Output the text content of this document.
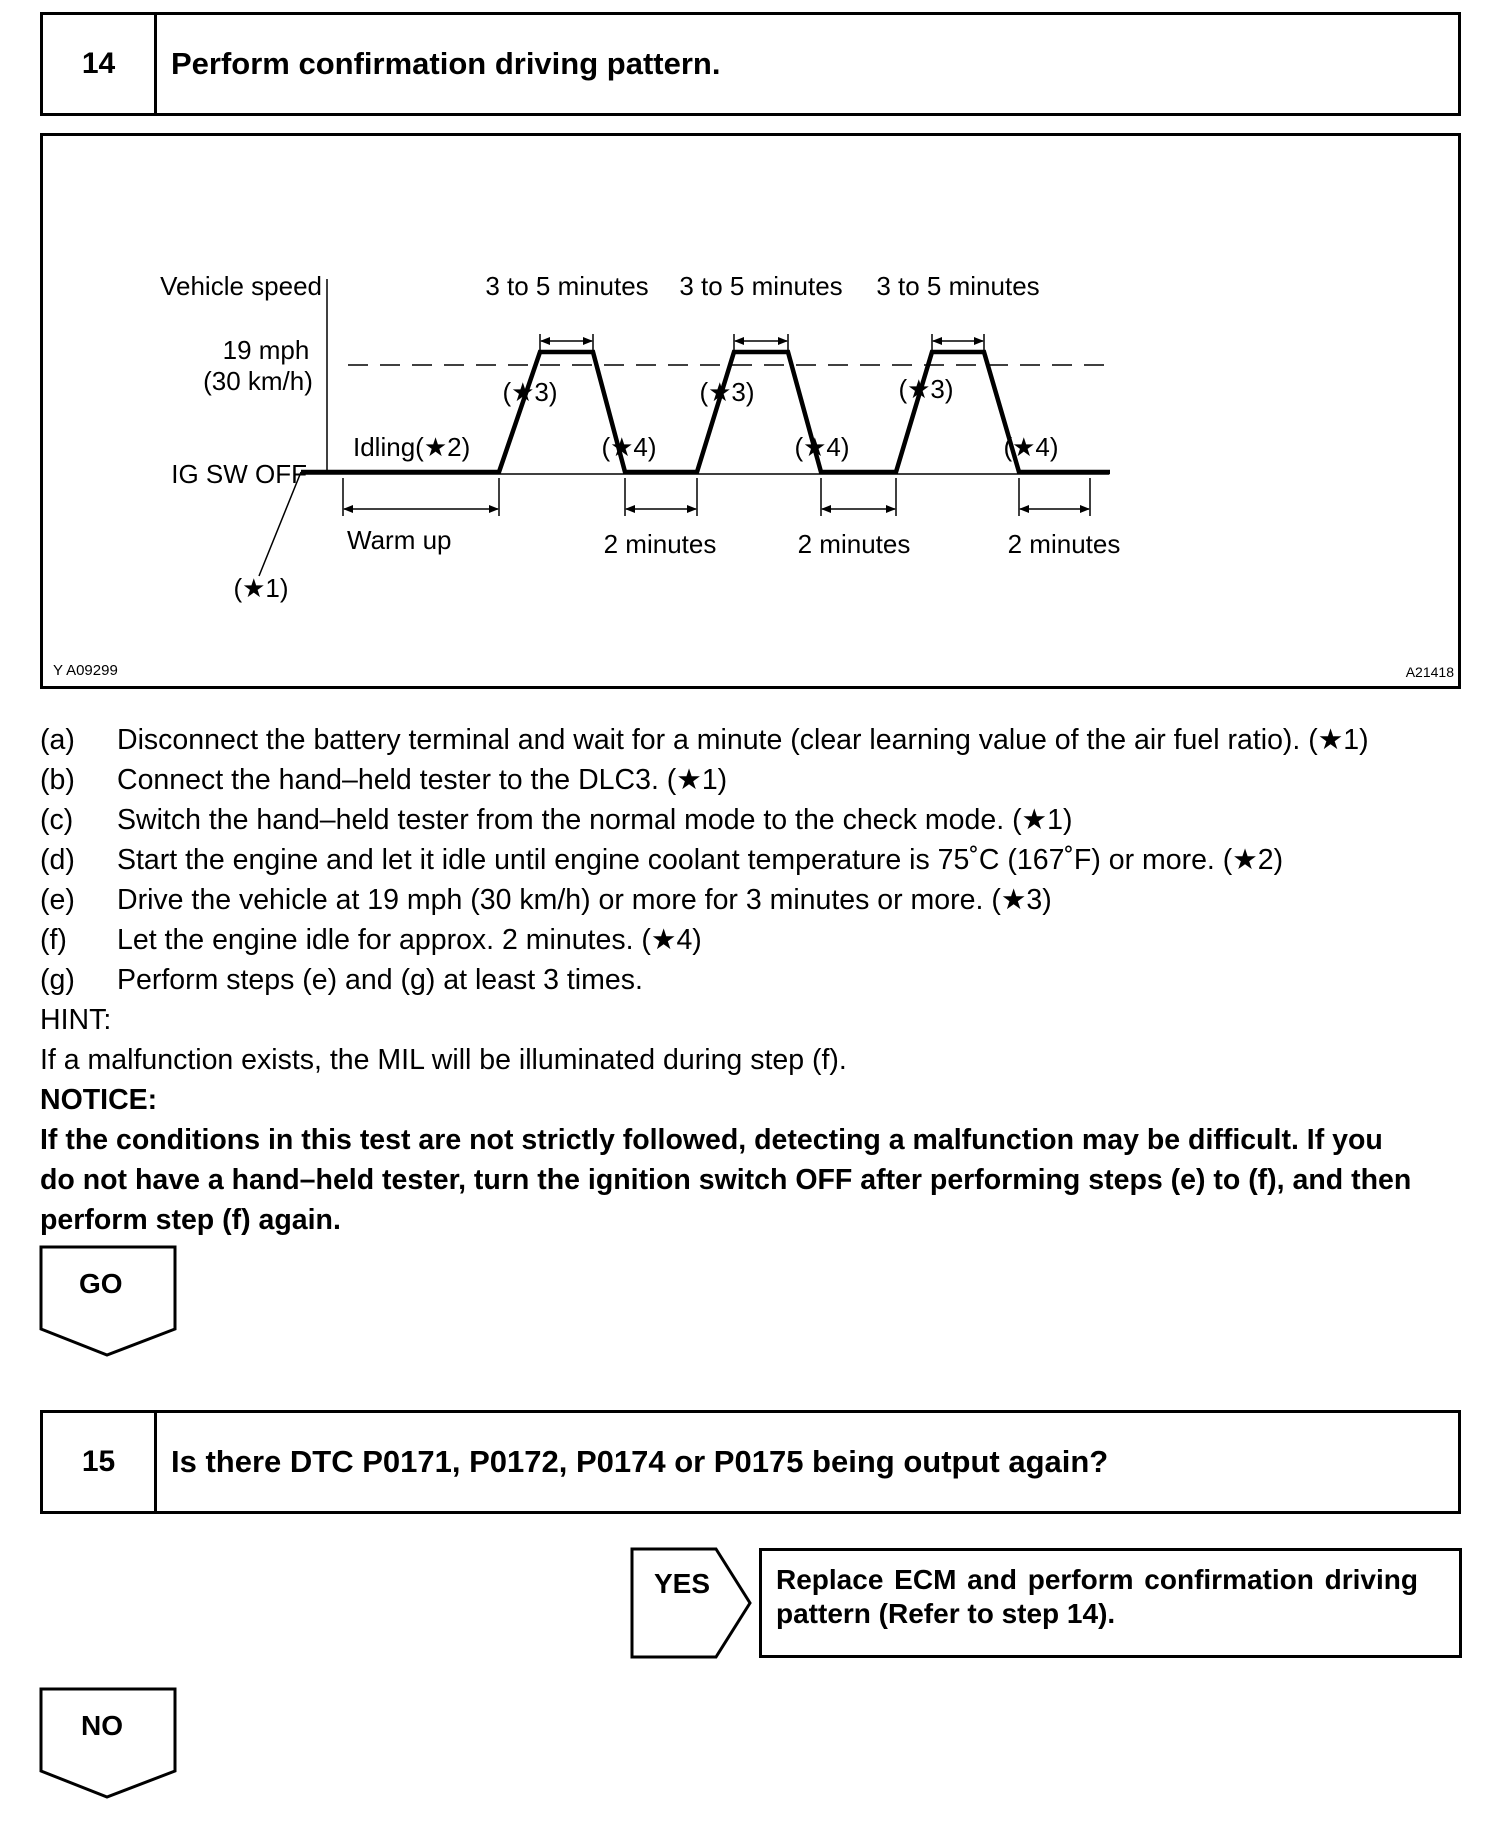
14	Perform confirmation driving pattern.
Vehicle speed
19 mph
(30 km/h)
IG SW OFF
Idling(★2)
Warm up
(★1)
3 to 5 minutes 3 to 5 minutes 3 to 5 minutes
(★3)	(★3)	(★3)
(★4)	(★4)	(★4)
2 minutes	2 minutes	2 minutes
Y A09299	A21418
(a)	Disconnect the battery terminal and wait for a minute (clear learning value of the air fuel ratio). (★1)
(b)	Connect the hand–held tester to the DLC3. (★1)
(c)	Switch the hand–held tester from the normal mode to the check mode. (★1)
(d)	Start the engine and let it idle until engine coolant temperature is 75˚C (167˚F) or more. (★2)
(e)	Drive the vehicle at 19 mph (30 km/h) or more for 3 minutes or more. (★3)
(f)	Let the engine idle for approx. 2 minutes. (★4)
(g)	Perform steps (e) and (g) at least 3 times.
HINT:
If a malfunction exists, the MIL will be illuminated during step (f).
NOTICE:
If the conditions in this test are not strictly followed, detecting a malfunction may be difficult. If you
do not have a hand–held tester, turn the ignition switch OFF after performing steps (e) to (f), and then
perform step (f) again.
GO
15	Is there DTC P0171, P0172, P0174 or P0175 being output again?
YES Replace ECM and perform confirmation driving
pattern (Refer to step 14).
NO
